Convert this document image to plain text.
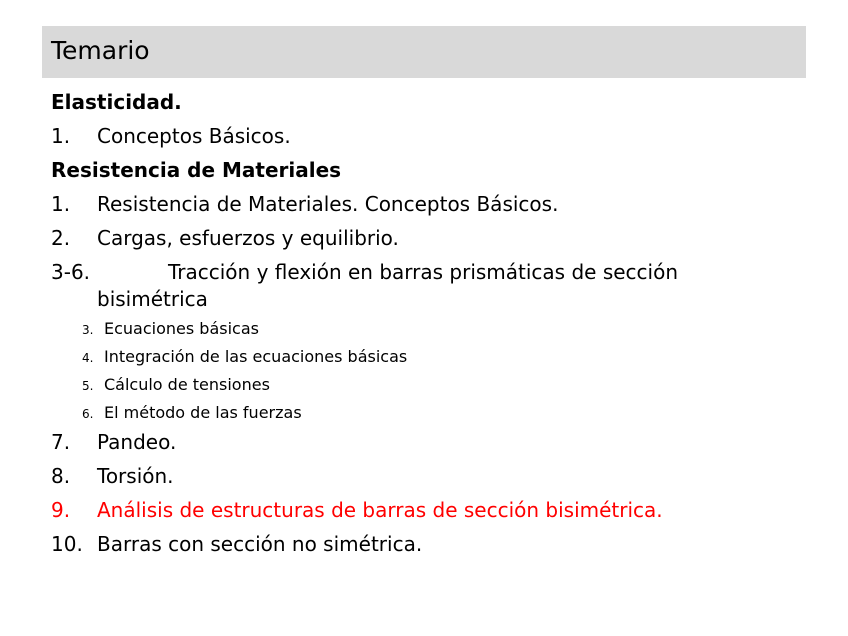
Temario
Elasticidad.
1. Conceptos Básicos.
Resistencia de Materiales
1. Resistencia de Materiales. Conceptos Básicos.
2. Cargas, esfuerzos y equilibrio.
3-6.	Tracción y flexión en barras prismáticas de sección
bisimétrica
3. Ecuaciones básicas
4. Integración de las ecuaciones básicas
5. Cálculo de tensiones
6. El método de las fuerzas
7. Pandeo.
8. Torsión.
9. Análisis de estructuras de barras de sección bisimétrica.
10. Barras con sección no simétrica.
